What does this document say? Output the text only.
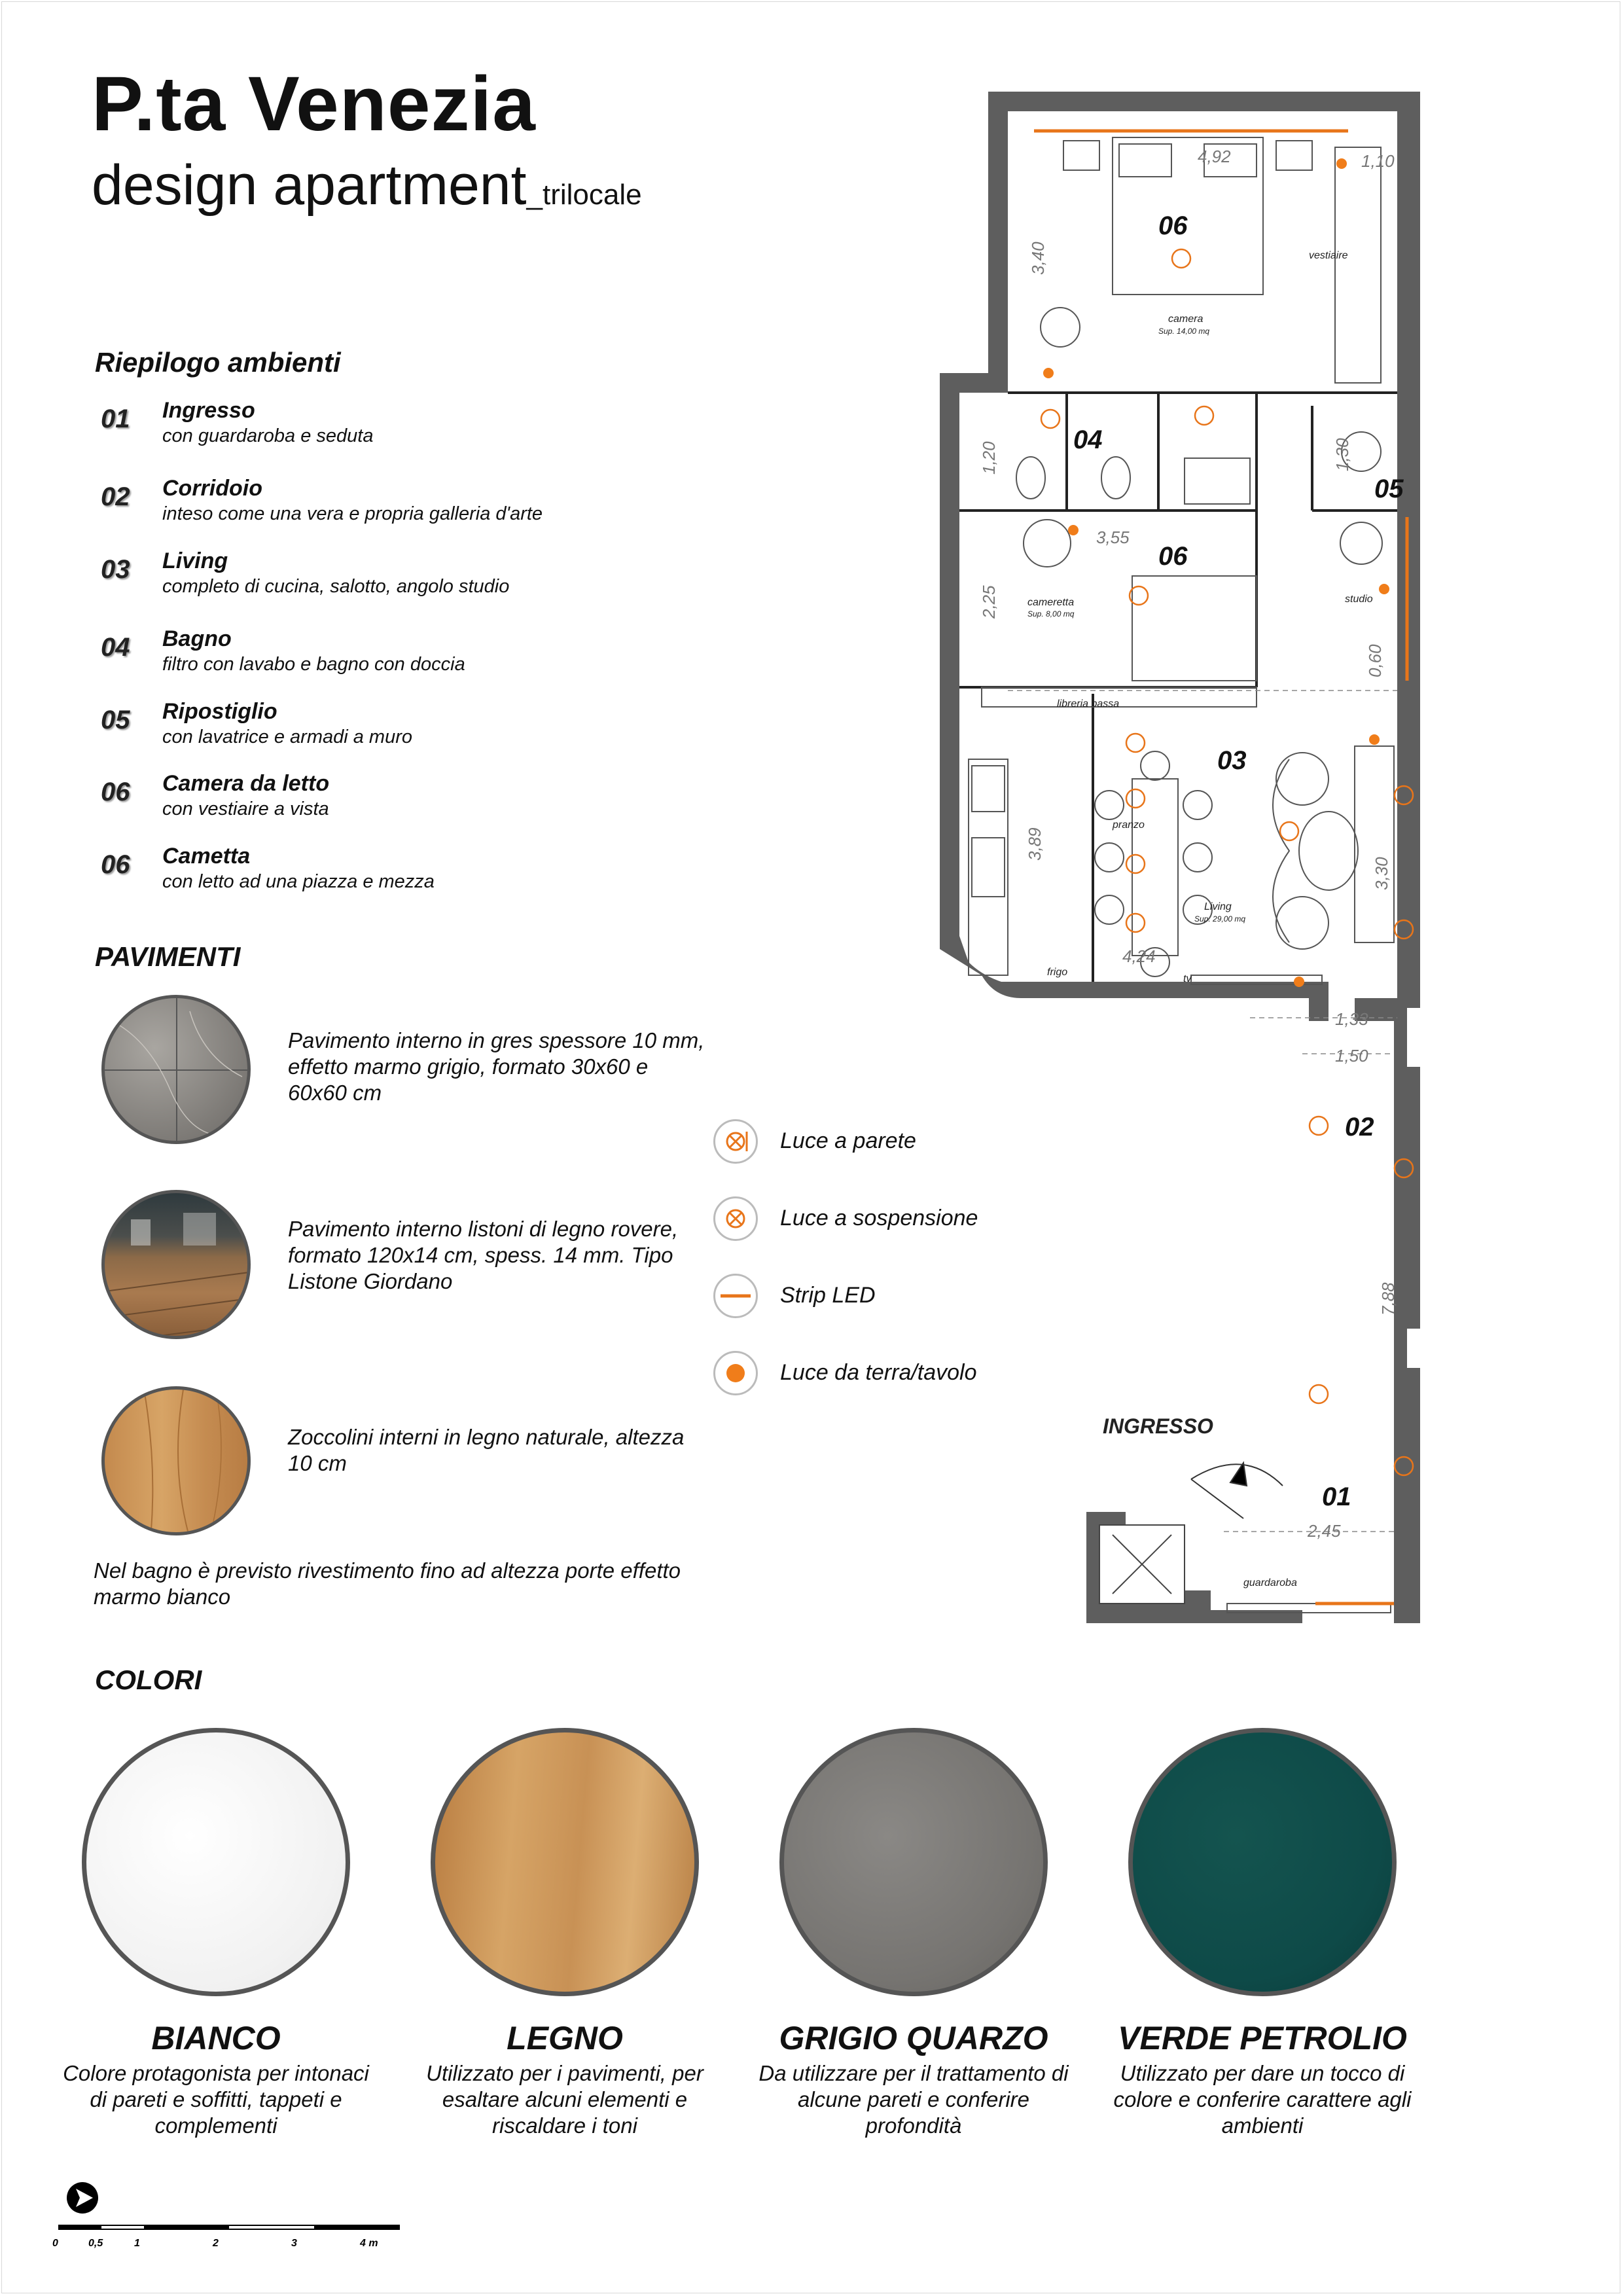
P.ta Venezia
design apartment_trilocale
Riepilogo ambienti
01 Ingresso
con guardaroba e seduta
02 Corridoio
inteso come una vera e propria galleria d'arte
03 Living
completo di cucina, salotto, angolo studio
04 Bagno
filtro con lavabo e bagno con doccia
05 Ripostiglio
con lavatrice e armadi a muro
06 Camera da letto
con vestiaire a vista
06 Cametta
con letto ad una piazza e mezza
PAVIMENTI
Pavimento interno in gres spessore 10 mm, effetto marmo grigio, formato 30x60 e 60x60 cm
Pavimento interno listoni di legno rovere, formato 120x14 cm, spess. 14 mm. Tipo Listone Giordano
Zoccolini interni in legno naturale, altezza 10 cm
Nel bagno è previsto rivestimento fino ad altezza porte effetto marmo bianco
Luce a parete
Luce a sospensione
Strip LED
Luce da terra/tavolo
06
04
05
06
03
02
01
camera
Sup. 14,00 mq
vestiaire
cameretta
Sup. 8,00 mq
studio
libreria bassa
pranzo
Living
Sup. 29,00 mq
frigo
tv
guardaroba
INGRESSO
4,92	1,10
3,40
1,20	1,30
3,55
2,25
0,60
3,89
3,30
4,24
1,33
1,50
7,88
2,45
COLORI
BIANCO
Colore protagonista per intonaci di pareti e soffitti, tappeti e complementi
LEGNO
Utilizzato per i pavimenti, per esaltare alcuni elementi e riscaldare i toni
GRIGIO QUARZO
Da utilizzare per il trattamento di alcune pareti e conferire profondità
VERDE PETROLIO
Utilizzato per dare un tocco di colore e conferire carattere agli ambienti
0	0,5	1	2	3	4 m
